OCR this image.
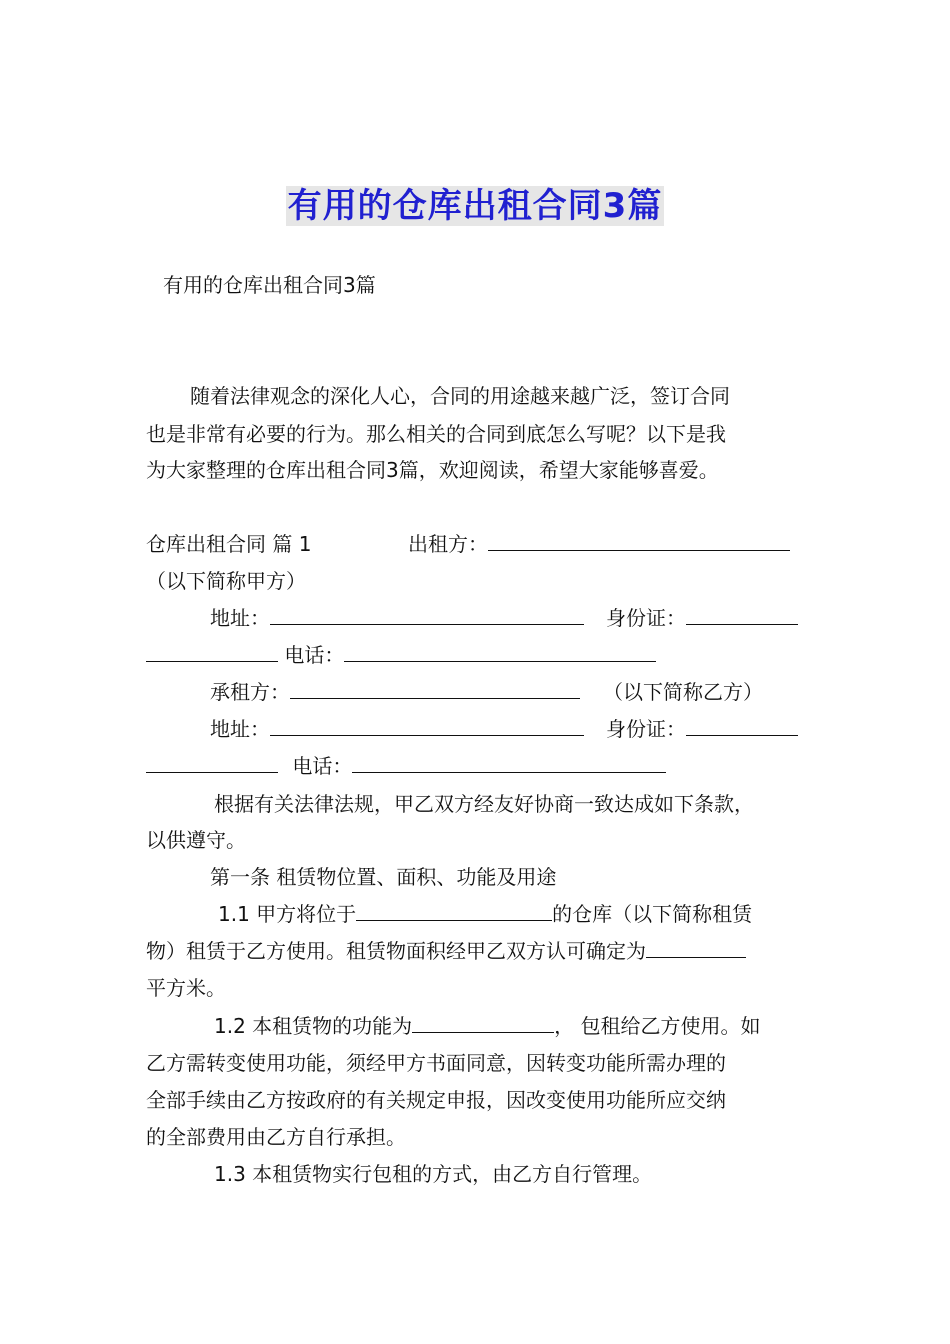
有用的仓库出租合同3篇
有用的仓库出租合同3篇
随着法律观念的深化人心，合同的用途越来越广泛，签订合同
也是非常有必要的行为。那么相关的合同到底怎么写呢？以下是我
为大家整理的仓库出租合同3篇，欢迎阅读，希望大家能够喜爱。
仓库出租合同 篇 1	出租方：
（以下简称甲方）
地址：	身份证：
电话：
承租方：	（以下简称乙方）
地址：	身份证：
电话：
根据有关法律法规，甲乙双方经友好协商一致达成如下条款，
以供遵守。
第一条 租赁物位置、面积、功能及用途
1.1 甲方将位于	的仓库（以下简称租赁
物）租赁于乙方使用。租赁物面积经甲乙双方认可确定为
平方米。
1.2 本租赁物的功能为	， 包租给乙方使用。如
乙方需转变使用功能，须经甲方书面同意，因转变功能所需办理的
全部手续由乙方按政府的有关规定申报，因改变使用功能所应交纳
的全部费用由乙方自行承担。
1.3 本租赁物实行包租的方式，由乙方自行管理。
